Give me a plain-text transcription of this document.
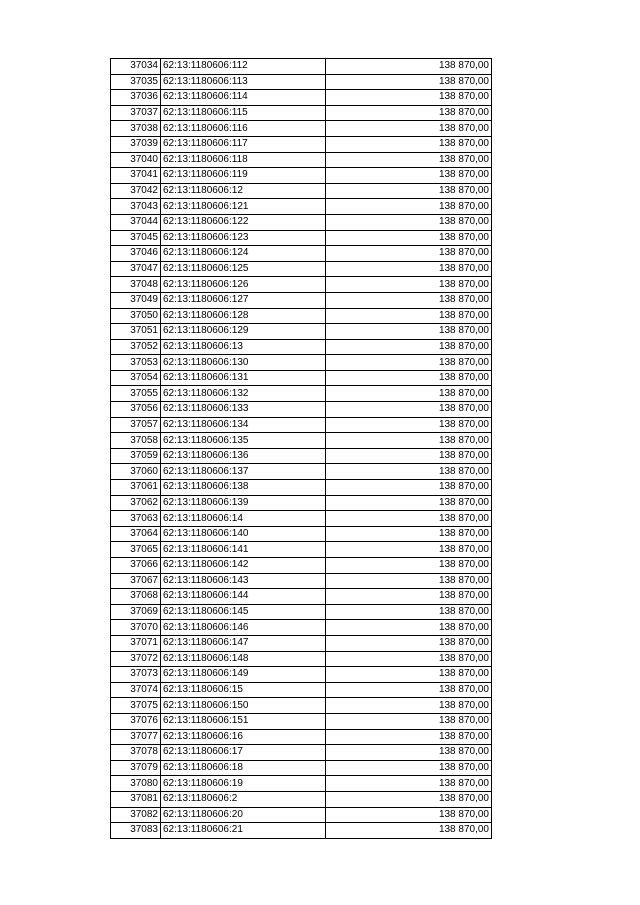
37034	62:13:1180606:112	138 870,00
37035	62:13:1180606:113	138 870,00
37036	62:13:1180606:114	138 870,00
37037	62:13:1180606:115	138 870,00
37038	62:13:1180606:116	138 870,00
37039	62:13:1180606:117	138 870,00
37040	62:13:1180606:118	138 870,00
37041	62:13:1180606:119	138 870,00
37042	62:13:1180606:12	138 870,00
37043	62:13:1180606:121	138 870,00
37044	62:13:1180606:122	138 870,00
37045	62:13:1180606:123	138 870,00
37046	62:13:1180606:124	138 870,00
37047	62:13:1180606:125	138 870,00
37048	62:13:1180606:126	138 870,00
37049	62:13:1180606:127	138 870,00
37050	62:13:1180606:128	138 870,00
37051	62:13:1180606:129	138 870,00
37052	62:13:1180606:13	138 870,00
37053	62:13:1180606:130	138 870,00
37054	62:13:1180606:131	138 870,00
37055	62:13:1180606:132	138 870,00
37056	62:13:1180606:133	138 870,00
37057	62:13:1180606:134	138 870,00
37058	62:13:1180606:135	138 870,00
37059	62:13:1180606:136	138 870,00
37060	62:13:1180606:137	138 870,00
37061	62:13:1180606:138	138 870,00
37062	62:13:1180606:139	138 870,00
37063	62:13:1180606:14	138 870,00
37064	62:13:1180606:140	138 870,00
37065	62:13:1180606:141	138 870,00
37066	62:13:1180606:142	138 870,00
37067	62:13:1180606:143	138 870,00
37068	62:13:1180606:144	138 870,00
37069	62:13:1180606:145	138 870,00
37070	62:13:1180606:146	138 870,00
37071	62:13:1180606:147	138 870,00
37072	62:13:1180606:148	138 870,00
37073	62:13:1180606:149	138 870,00
37074	62:13:1180606:15	138 870,00
37075	62:13:1180606:150	138 870,00
37076	62:13:1180606:151	138 870,00
37077	62:13:1180606:16	138 870,00
37078	62:13:1180606:17	138 870,00
37079	62:13:1180606:18	138 870,00
37080	62:13:1180606:19	138 870,00
37081	62:13:1180606:2	138 870,00
37082	62:13:1180606:20	138 870,00
37083	62:13:1180606:21	138 870,00
